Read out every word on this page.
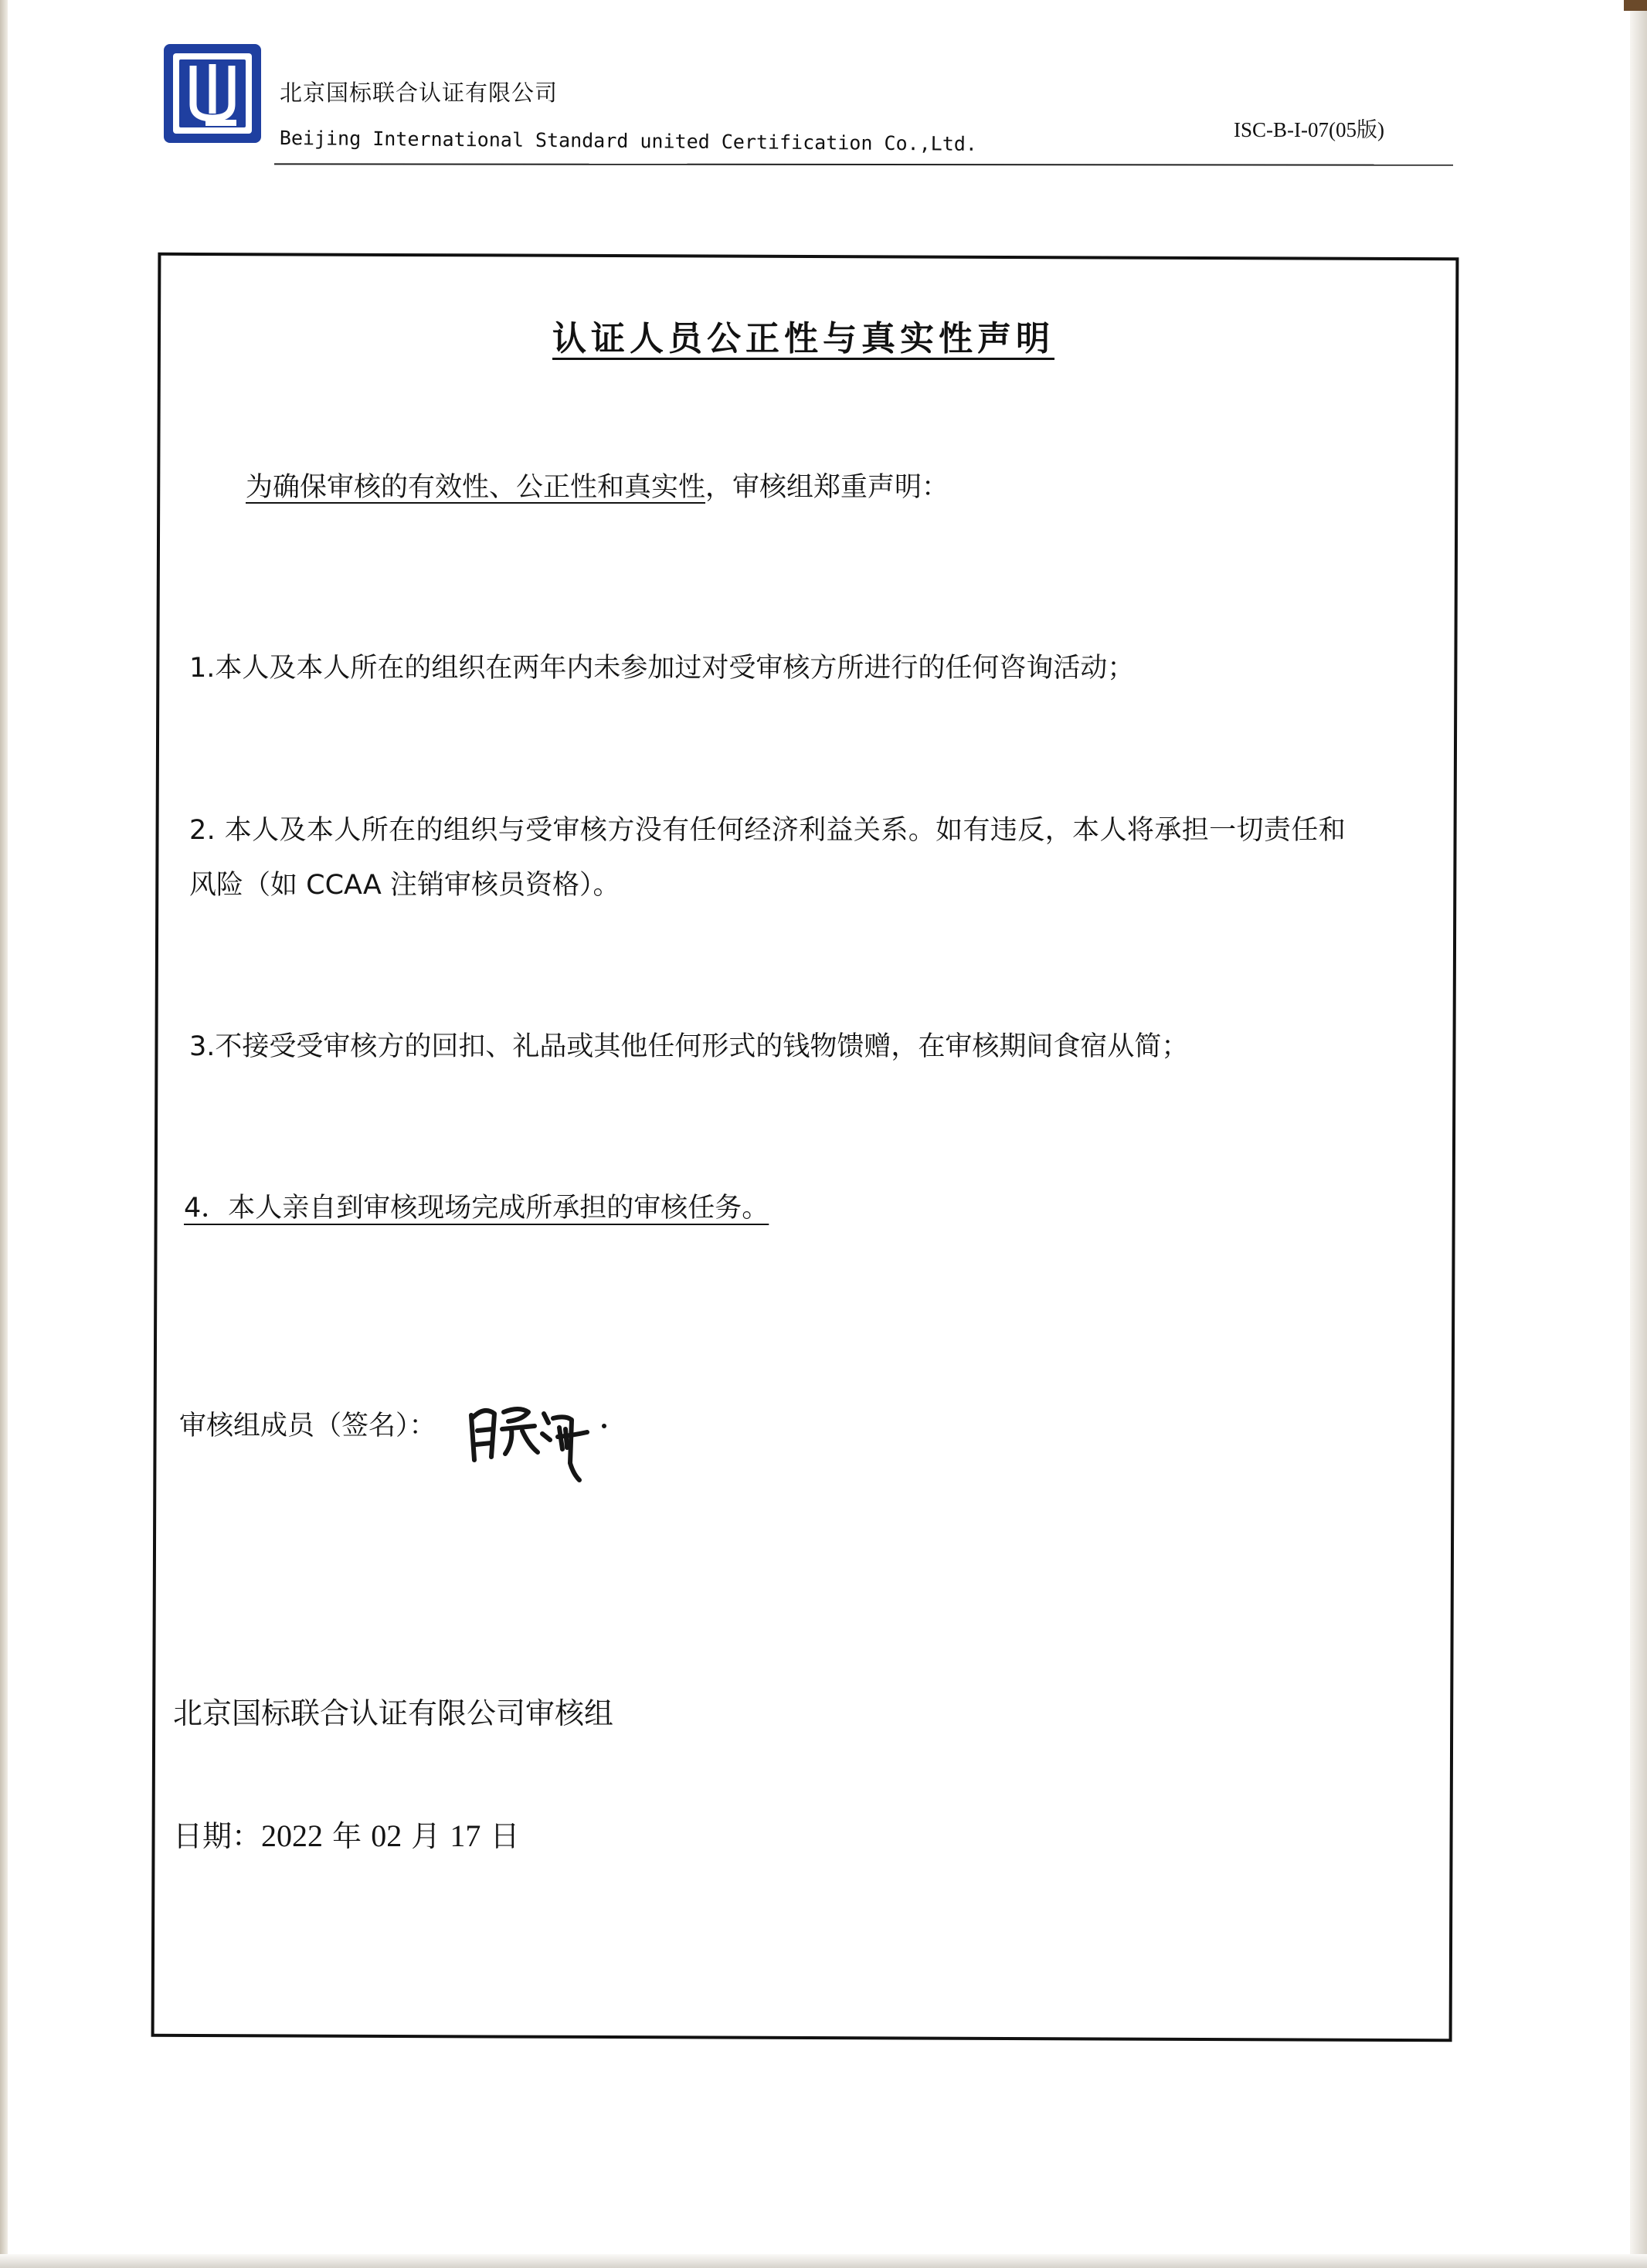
北京国标联合认证有限公司
Beijing International Standard united Certification Co.,Ltd.	ISC-B-I-07(05版)
认证人员公正性与真实性声明
为确保审核的有效性、公正性和真实性，审核组郑重声明：
1.本人及本人所在的组织在两年内未参加过对受审核方所进行的任何咨询活动；
2. 本人及本人所在的组织与受审核方没有任何经济利益关系。如有违反，本人将承担一切责任和
风险（如 CCAA 注销审核员资格）。
3.不接受受审核方的回扣、礼品或其他任何形式的钱物馈赠，在审核期间食宿从简；
4．本人亲自到审核现场完成所承担的审核任务。
审核组成员（签名）：
北京国标联合认证有限公司审核组
日期：2022 年 02 月 17 日
